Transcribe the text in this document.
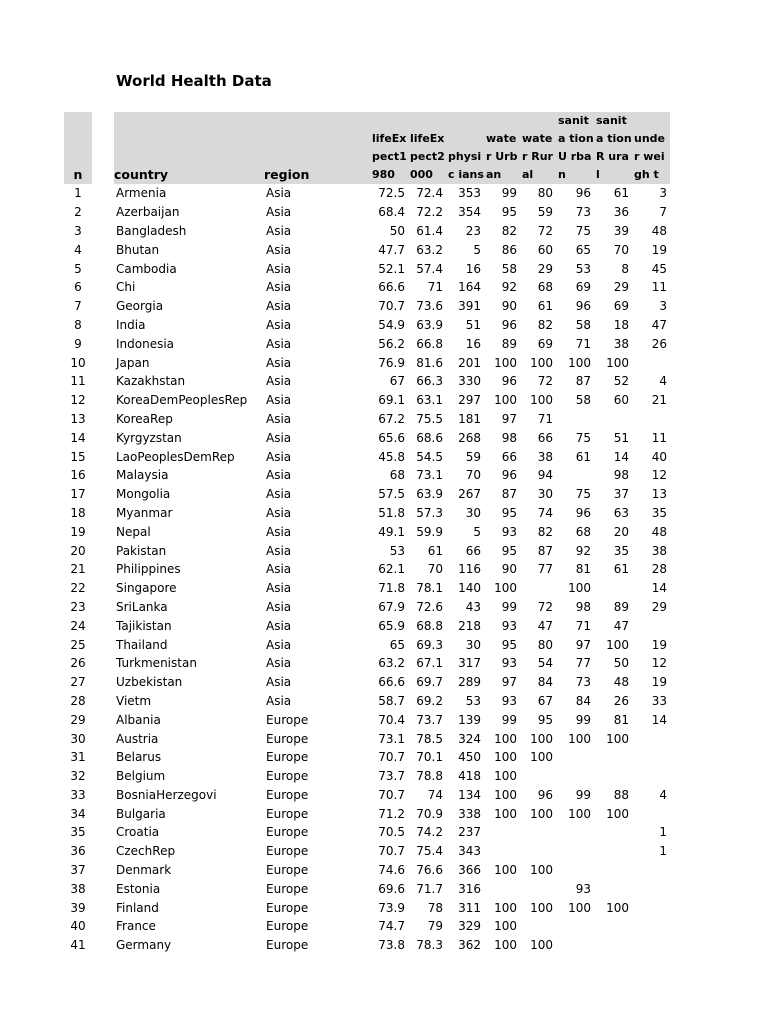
World Health Data
n		country	region	lifeEx pect1 980	lifeEx pect2 000	physic ians	water Urban	water Rural	sanita tionU rban	sanita tionR ural	under weigh t
1		Armenia	Asia	72.5	72.4	353	99	80	96	61	3
2		Azerbaijan	Asia	68.4	72.2	354	95	59	73	36	7
3		Bangladesh	Asia	50	61.4	23	82	72	75	39	48
4		Bhutan	Asia	47.7	63.2	5	86	60	65	70	19
5		Cambodia	Asia	52.1	57.4	16	58	29	53	8	45
6		Chi	Asia	66.6	71	164	92	68	69	29	11
7		Georgia	Asia	70.7	73.6	391	90	61	96	69	3
8		India	Asia	54.9	63.9	51	96	82	58	18	47
9		Indonesia	Asia	56.2	66.8	16	89	69	71	38	26
10		Japan	Asia	76.9	81.6	201	100	100	100	100	
11		Kazakhstan	Asia	67	66.3	330	96	72	87	52	4
12		KoreaDemPeoplesRep	Asia	69.1	63.1	297	100	100	58	60	21
13		KoreaRep	Asia	67.2	75.5	181	97	71			
14		Kyrgyzstan	Asia	65.6	68.6	268	98	66	75	51	11
15		LaoPeoplesDemRep	Asia	45.8	54.5	59	66	38	61	14	40
16		Malaysia	Asia	68	73.1	70	96	94		98	12
17		Mongolia	Asia	57.5	63.9	267	87	30	75	37	13
18		Myanmar	Asia	51.8	57.3	30	95	74	96	63	35
19		Nepal	Asia	49.1	59.9	5	93	82	68	20	48
20		Pakistan	Asia	53	61	66	95	87	92	35	38
21		Philippines	Asia	62.1	70	116	90	77	81	61	28
22		Singapore	Asia	71.8	78.1	140	100		100		14
23		SriLanka	Asia	67.9	72.6	43	99	72	98	89	29
24		Tajikistan	Asia	65.9	68.8	218	93	47	71	47	
25		Thailand	Asia	65	69.3	30	95	80	97	100	19
26		Turkmenistan	Asia	63.2	67.1	317	93	54	77	50	12
27		Uzbekistan	Asia	66.6	69.7	289	97	84	73	48	19
28		Vietm	Asia	58.7	69.2	53	93	67	84	26	33
29		Albania	Europe	70.4	73.7	139	99	95	99	81	14
30		Austria	Europe	73.1	78.5	324	100	100	100	100	
31		Belarus	Europe	70.7	70.1	450	100	100			
32		Belgium	Europe	73.7	78.8	418	100				
33		BosniaHerzegovi	Europe	70.7	74	134	100	96	99	88	4
34		Bulgaria	Europe	71.2	70.9	338	100	100	100	100	
35		Croatia	Europe	70.5	74.2	237					1
36		CzechRep	Europe	70.7	75.4	343					1
37		Denmark	Europe	74.6	76.6	366	100	100			
38		Estonia	Europe	69.6	71.7	316			93		
39		Finland	Europe	73.9	78	311	100	100	100	100	
40		France	Europe	74.7	79	329	100				
41		Germany	Europe	73.8	78.3	362	100	100			
